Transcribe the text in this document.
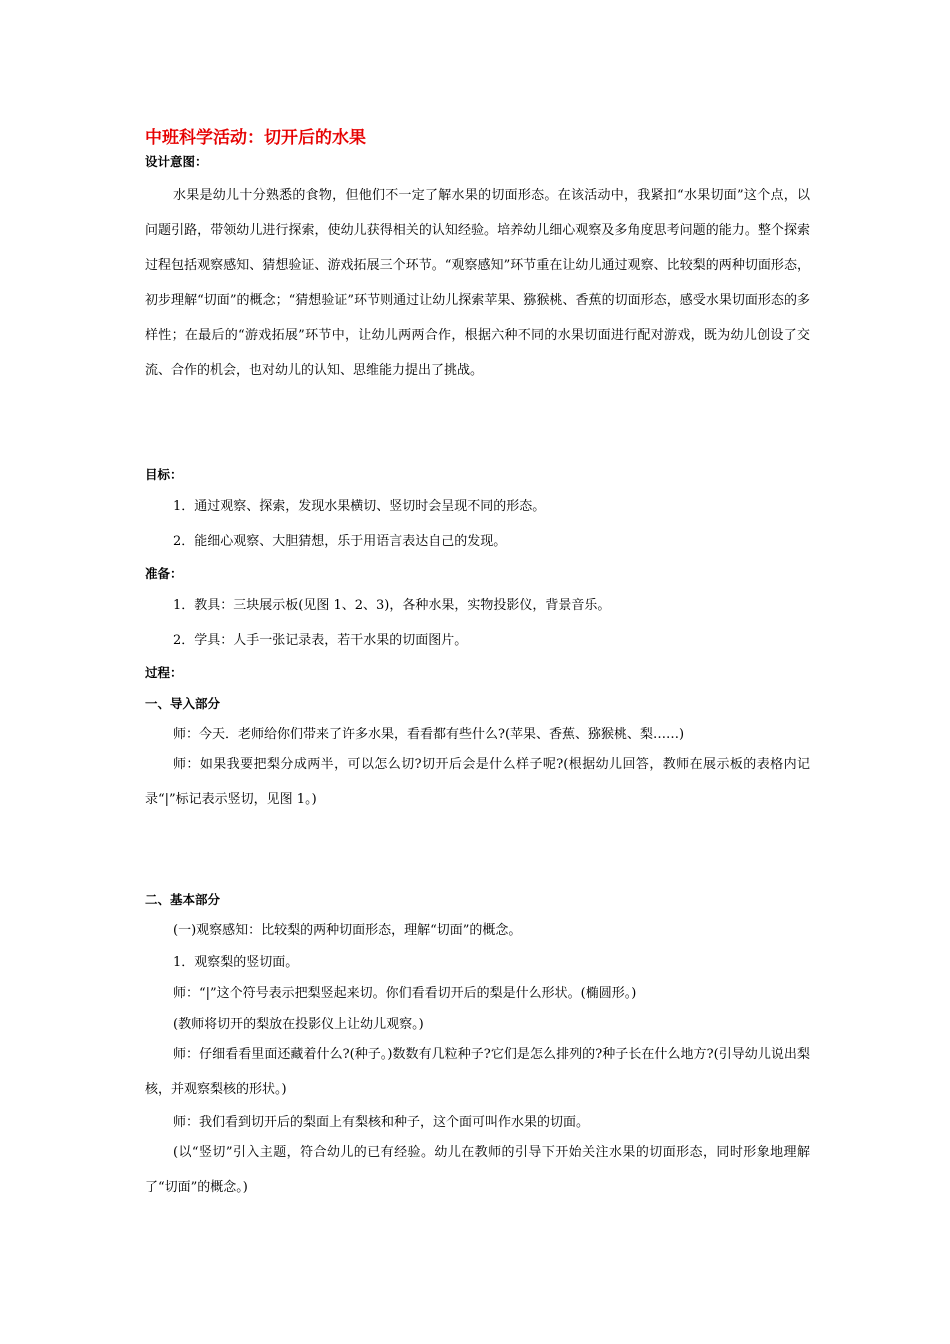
中班科学活动：切开后的水果
设计意图：

水果是幼儿十分熟悉的食物，但他们不一定了解水果的切面形态。在该活动中，我紧扣“水果切面”这个点，以问题引路，带领幼儿进行探索，使幼儿获得相关的认知经验。培养幼儿细心观察及多角度思考问题的能力。整个探索过程包括观察感知、猜想验证、游戏拓展三个环节。“观察感知”环节重在让幼儿通过观察、比较梨的两种切面形态，初步理解“切面”的概念；“猜想验证”环节则通过让幼儿探索苹果、猕猴桃、香蕉的切面形态，感受水果切面形态的多样性；在最后的“游戏拓展”环节中，让幼儿两两合作，根据六种不同的水果切面进行配对游戏，既为幼儿创设了交流、合作的机会，也对幼儿的认知、思维能力提出了挑战。

目标：

1．通过观察、探索，发现水果横切、竖切时会呈现不同的形态。

2．能细心观察、大胆猜想，乐于用语言表达自己的发现。

准备：

1．教具：三块展示板(见图 1、2、3)，各种水果，实物投影仪，背景音乐。

2．学具：人手一张记录表，若干水果的切面图片。

过程：
一、导入部分

师：今天．老师给你们带来了许多水果，看看都有些什么?(苹果、香蕉、猕猴桃、梨……)

师：如果我要把梨分成两半，可以怎么切?切开后会是什么样子呢?(根据幼儿回答，教师在展示板的表格内记录“|”标记表示竖切，见图 1。)

二、基本部分

(一)观察感知：比较梨的两种切面形态，理解“切面”的概念。

1．观察梨的竖切面。

师：“|”这个符号表示把梨竖起来切。你们看看切开后的梨是什么形状。(椭圆形。)

(教师将切开的梨放在投影仪上让幼儿观察。)

师：仔细看看里面还藏着什么?(种子。)数数有几粒种子?它们是怎么排列的?种子长在什么地方?(引导幼儿说出梨核，并观察梨核的形状。)

师：我们看到切开后的梨面上有梨核和种子，这个面可叫作水果的切面。

(以“竖切”引入主题，符合幼儿的已有经验。幼儿在教师的引导下开始关注水果的切面形态，同时形象地理解了“切面”的概念。)
